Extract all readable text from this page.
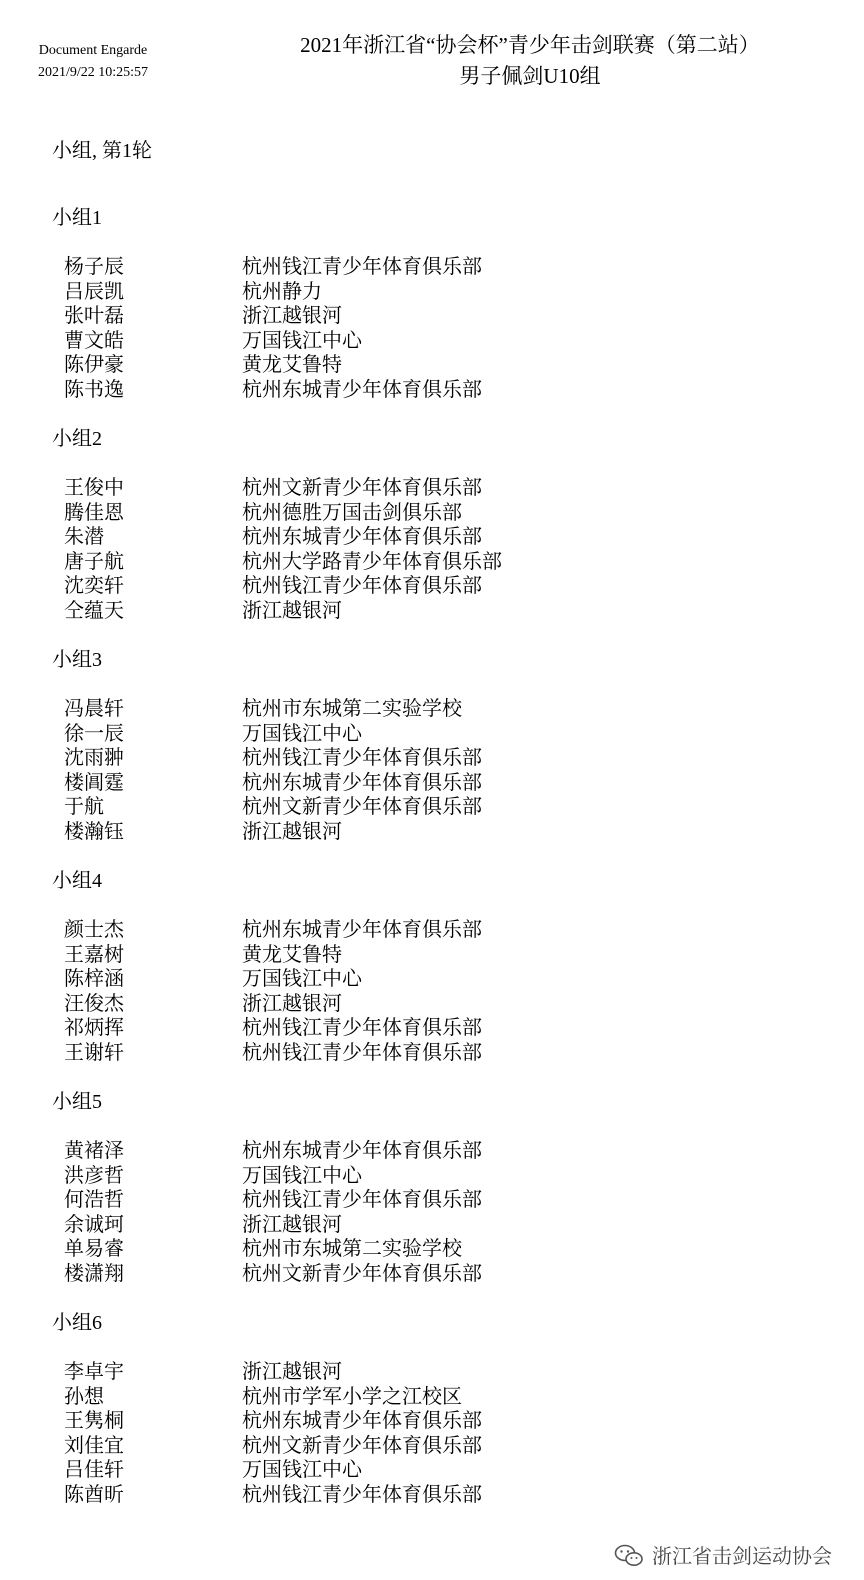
Document Engarde
2021/9/22 10:25:57
2021年浙江省“协会杯”青少年击剑联赛（第二站）
男子佩剑U10组
小组, 第1轮
小组1
杨子辰	杭州钱江青少年体育俱乐部
吕辰凯	杭州静力
张叶磊	浙江越银河
曹文皓	万国钱江中心
陈伊豪	黄龙艾鲁特
陈书逸	杭州东城青少年体育俱乐部
小组2
王俊中	杭州文新青少年体育俱乐部
腾佳恩	杭州德胜万国击剑俱乐部
朱潜	杭州东城青少年体育俱乐部
唐子航	杭州大学路青少年体育俱乐部
沈奕轩	杭州钱江青少年体育俱乐部
仝蕴天	浙江越银河
小组3
冯晨轩	杭州市东城第二实验学校
徐一辰	万国钱江中心
沈雨翀	杭州钱江青少年体育俱乐部
楼阊霆	杭州东城青少年体育俱乐部
于航	杭州文新青少年体育俱乐部
楼瀚钰	浙江越银河
小组4
颜士杰	杭州东城青少年体育俱乐部
王嘉树	黄龙艾鲁特
陈梓涵	万国钱江中心
汪俊杰	浙江越银河
祁炳挥	杭州钱江青少年体育俱乐部
王谢轩	杭州钱江青少年体育俱乐部
小组5
黄褚泽	杭州东城青少年体育俱乐部
洪彦哲	万国钱江中心
何浩哲	杭州钱江青少年体育俱乐部
余诚珂	浙江越银河
单易睿	杭州市东城第二实验学校
楼潇翔	杭州文新青少年体育俱乐部
小组6
李卓宇	浙江越银河
孙想	杭州市学军小学之江校区
王隽桐	杭州东城青少年体育俱乐部
刘佳宜	杭州文新青少年体育俱乐部
吕佳轩	万国钱江中心
陈酋昕	杭州钱江青少年体育俱乐部
浙江省击剑运动协会
